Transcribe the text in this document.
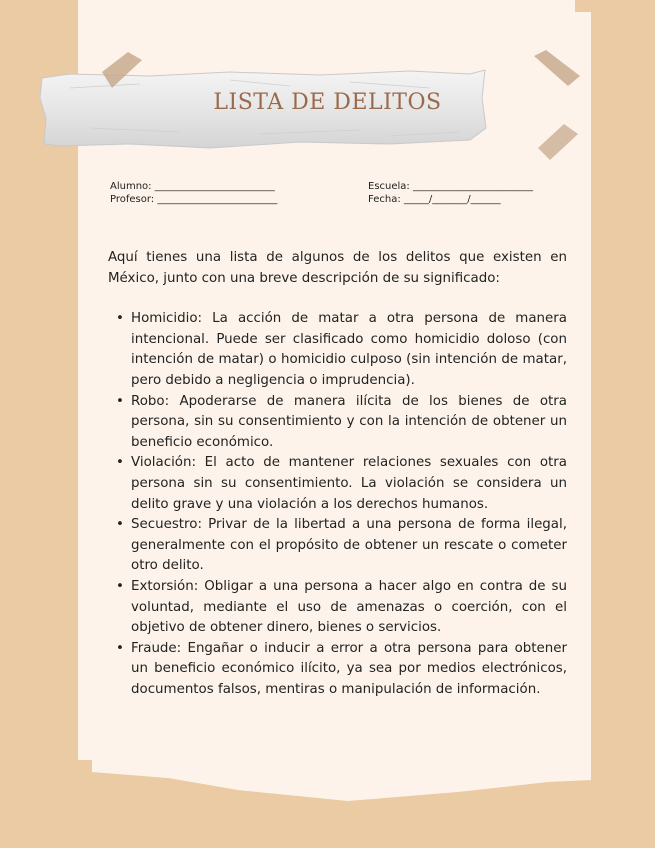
LISTA DE DELITOS
Alumno: ________________________	Escuela: ________________________
Profesor: ________________________	Fecha: _____/_______/______

Aquí tienes una lista de algunos de los delitos que existen en México, junto con una breve descripción de su significado:

• Homicidio: La acción de matar a otra persona de manera intencional. Puede ser clasificado como homicidio doloso (con intención de matar) o homicidio culposo (sin intención de matar, pero debido a negligencia o imprudencia).
• Robo: Apoderarse de manera ilícita de los bienes de otra persona, sin su consentimiento y con la intención de obtener un beneficio económico.
• Violación: El acto de mantener relaciones sexuales con otra persona sin su consentimiento. La violación se considera un delito grave y una violación a los derechos humanos.
• Secuestro: Privar de la libertad a una persona de forma ilegal, generalmente con el propósito de obtener un rescate o cometer otro delito.
• Extorsión: Obligar a una persona a hacer algo en contra de su voluntad, mediante el uso de amenazas o coerción, con el objetivo de obtener dinero, bienes o servicios.
• Fraude: Engañar o inducir a error a otra persona para obtener un beneficio económico ilícito, ya sea por medios electrónicos, documentos falsos, mentiras o manipulación de información.
